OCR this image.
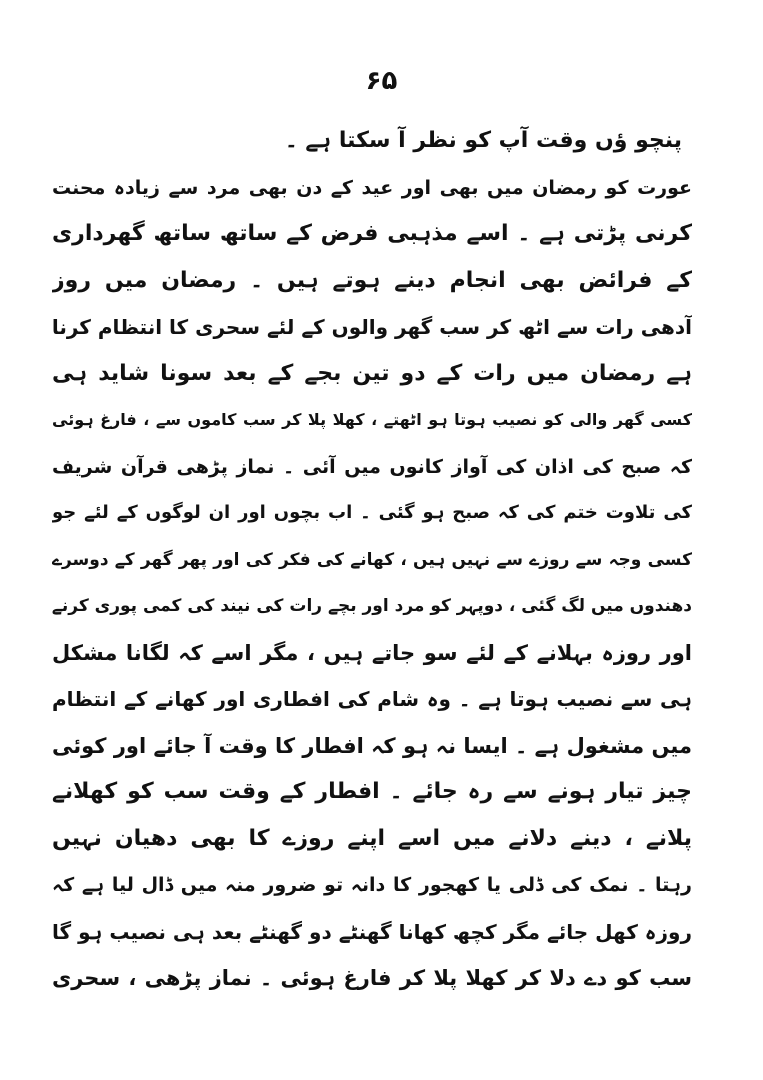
۶۵
پنچو ؤں وقت آپ کو نظر آ سکتا ہے ۔
عورت کو رمضان میں بھی اور عید کے دن بھی مرد سے زیادہ محنت
کرنی پڑتی ہے ۔ اسے مذہبی فرض کے ساتھ ساتھ گھرداری
کے فرائض بھی انجام دینے ہوتے ہیں ۔ رمضان میں روز
آدھی رات سے اٹھ کر سب گھر والوں کے لئے سحری کا انتظام کرنا
ہے رمضان میں رات کے دو تین بجے کے بعد سونا شاید ہی
کسی گھر والی کو نصیب ہوتا ہو اٹھتے ، کھلا پلا کر سب کاموں سے ، فارغ ہوئی
کہ صبح کی اذان کی آواز کانوں میں آئی ۔ نماز پڑھی قرآن شریف
کی تلاوت ختم کی کہ صبح ہو گئی ۔ اب بچوں اور ان لوگوں کے لئے جو
کسی وجہ سے روزے سے نہیں ہیں ، کھانے کی فکر کی اور پھر گھر کے دوسرے
دھندوں میں لگ گئی ، دوپہر کو مرد اور بچے رات کی نیند کی کمی پوری کرنے
اور روزہ بہلانے کے لئے سو جاتے ہیں ، مگر اسے کہ لگانا مشکل
ہی سے نصیب ہوتا ہے ۔ وہ شام کی افطاری اور کھانے کے انتظام
میں مشغول ہے ۔ ایسا نہ ہو کہ افطار کا وقت آ جائے اور کوئی
چیز تیار ہونے سے رہ جائے ۔ افطار کے وقت سب کو کھلانے
پلانے ، دینے دلانے میں اسے اپنے روزے کا بھی دھیان نہیں
رہتا ۔ نمک کی ڈلی یا کھجور کا دانہ تو ضرور منہ میں ڈال لیا ہے کہ
روزہ کھل جائے مگر کچھ کھانا گھنٹے دو گھنٹے بعد ہی نصیب ہو گا
سب کو دے دلا کر کھلا پلا کر فارغ ہوئی ۔ نماز پڑھی ، سحری
